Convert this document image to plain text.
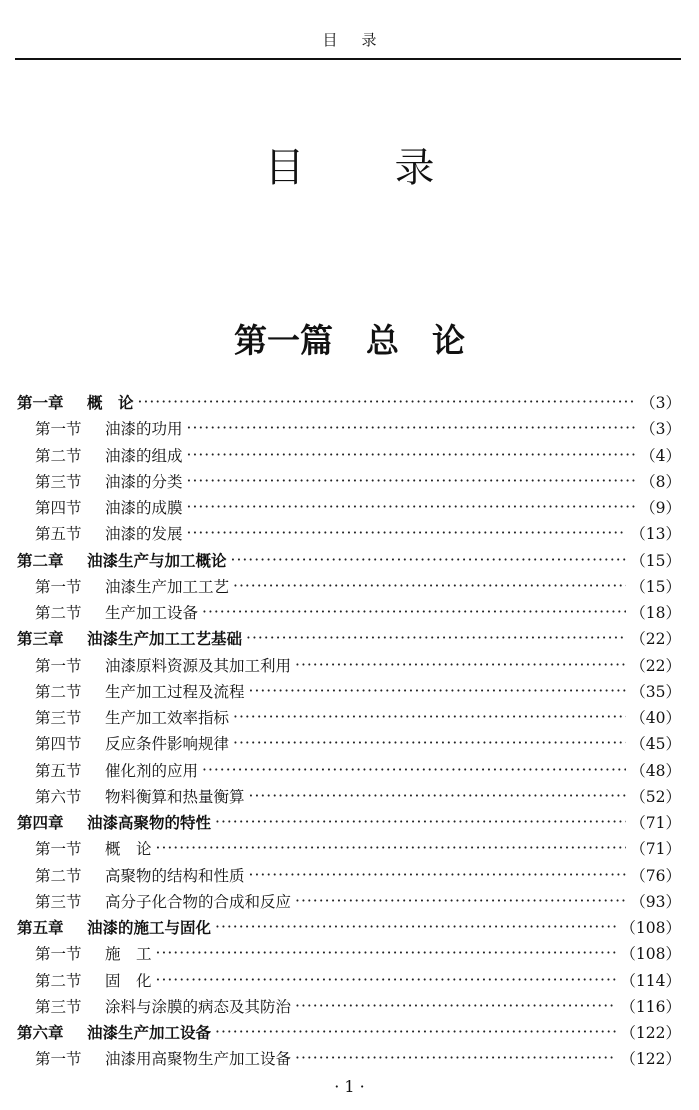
目录
目录
第一篇　总　论
第一章	概　论 ·····	（3）
第一节	油漆的功用 ·····	（3）
第二节	油漆的组成 ·····	（4）
第三节	油漆的分类 ·····	（8）
第四节	油漆的成膜 ·····	（9）
第五节	油漆的发展 ·····	（13）
第二章	油漆生产与加工概论 ·····	（15）
第一节	油漆生产加工工艺 ·····	（15）
第二节	生产加工设备 ·····	（18）
第三章	油漆生产加工工艺基础 ·····	（22）
第一节	油漆原料资源及其加工利用 ·····	（22）
第二节	生产加工过程及流程 ·····	（35）
第三节	生产加工效率指标 ·····	（40）
第四节	反应条件影响规律 ·····	（45）
第五节	催化剂的应用 ·····	（48）
第六节	物料衡算和热量衡算 ·····	（52）
第四章	油漆高聚物的特性 ·····	（71）
第一节	概　论 ·····	（71）
第二节	高聚物的结构和性质 ·····	（76）
第三节	高分子化合物的合成和反应 ·····	（93）
第五章	油漆的施工与固化 ·····	（108）
第一节	施　工 ·····	（108）
第二节	固　化 ·····	（114）
第三节	涂料与涂膜的病态及其防治 ·····	（116）
第六章	油漆生产加工设备 ·····	（122）
第一节	油漆用高聚物生产加工设备 ·····	（122）
· 1 ·
